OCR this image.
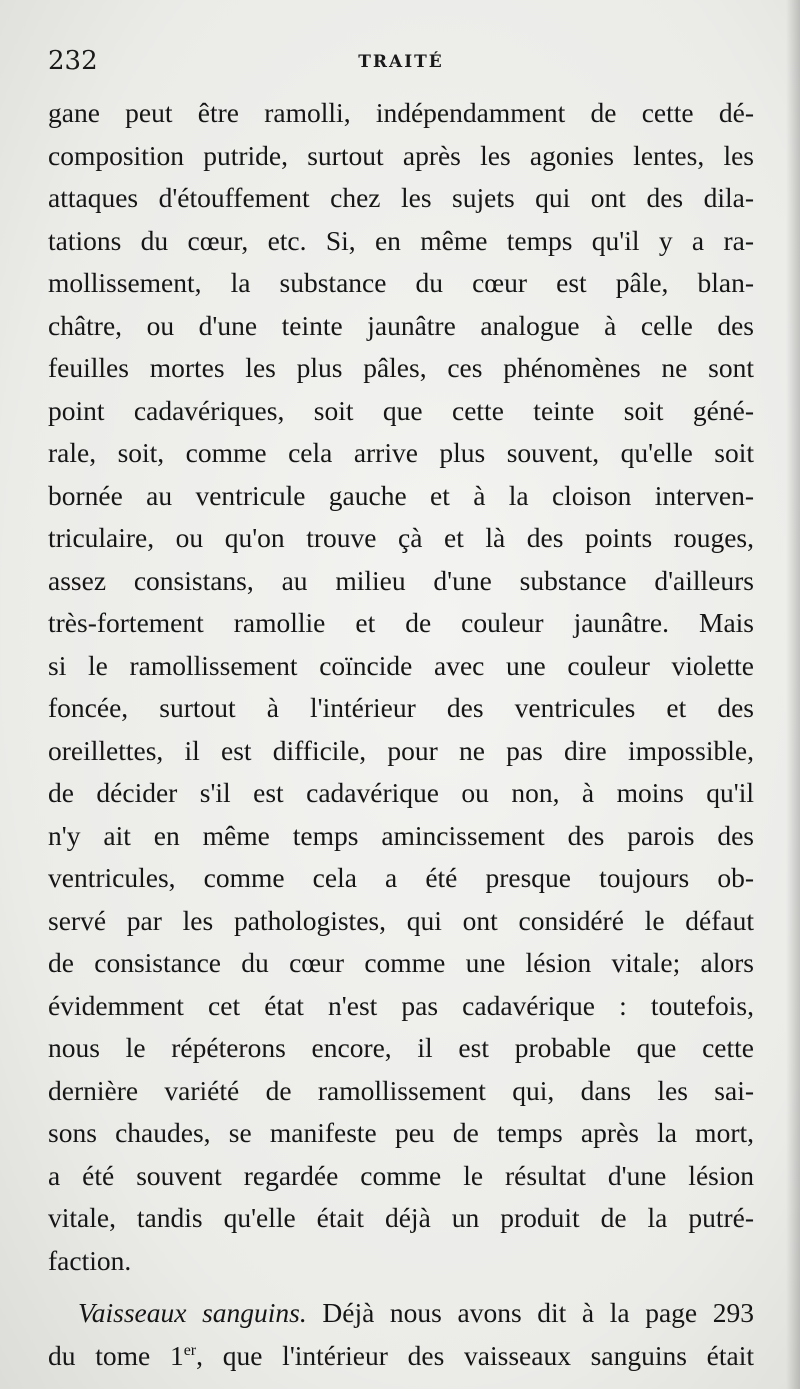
232	TRAITÉ
gane peut être ramolli, indépendamment de cette dé-
composition putride, surtout après les agonies lentes, les
attaques d'étouffement chez les sujets qui ont des dila-
tations du cœur, etc. Si, en même temps qu'il y a ra-
mollissement, la substance du cœur est pâle, blan-
châtre, ou d'une teinte jaunâtre analogue à celle des
feuilles mortes les plus pâles, ces phénomènes ne sont
point cadavériques, soit que cette teinte soit géné-
rale, soit, comme cela arrive plus souvent, qu'elle soit
bornée au ventricule gauche et à la cloison interven-
triculaire, ou qu'on trouve çà et là des points rouges,
assez consistans, au milieu d'une substance d'ailleurs
très-fortement ramollie et de couleur jaunâtre. Mais
si le ramollissement coïncide avec une couleur violette
foncée, surtout à l'intérieur des ventricules et des
oreillettes, il est difficile, pour ne pas dire impossible,
de décider s'il est cadavérique ou non, à moins qu'il
n'y ait en même temps amincissement des parois des
ventricules, comme cela a été presque toujours ob-
servé par les pathologistes, qui ont considéré le défaut
de consistance du cœur comme une lésion vitale; alors
évidemment cet état n'est pas cadavérique : toutefois,
nous le répéterons encore, il est probable que cette
dernière variété de ramollissement qui, dans les sai-
sons chaudes, se manifeste peu de temps après la mort,
a été souvent regardée comme le résultat d'une lésion
vitale, tandis qu'elle était déjà un produit de la putré-
faction.
Vaisseaux sanguins. Déjà nous avons dit à la page 293
du tome 1er, que l'intérieur des vaisseaux sanguins était
